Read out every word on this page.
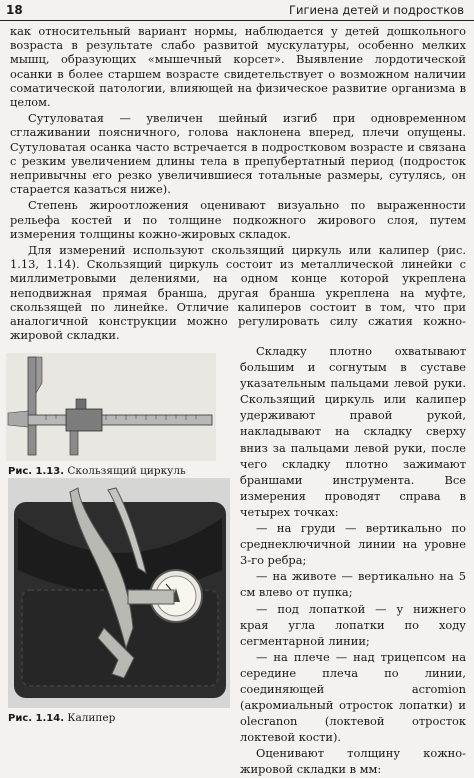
18	Гигиена детей и подростков

как относительный вариант нормы, наблюдается у детей дошкольного возраста в результате слабо развитой мускулатуры, особенно мелких мышц, образующих «мышечный корсет». Выявление лордотической осанки в более старшем возрасте свидетельствует о возможном наличии соматической патологии, влияющей на физическое развитие организма в целом.

Сутуловатая — увеличен шейный изгиб при одновременном сглаживании поясничного, голова наклонена вперед, плечи опущены. Сутуловатая осанка часто встречается в подростковом возрасте и связана с резким увеличением длины тела в препубертатный период (подросток непривычны его резко увеличившиеся тотальные размеры, сутулясь, он старается казаться ниже).

Степень жироотложения оценивают визуально по выраженности рельефа костей и по толщине подкожного жирового слоя, путем измерения толщины кожно-жировых складок.

Для измерений используют скользящий циркуль или калипер (рис. 1.13, 1.14). Скользящий циркуль состоит из металлической линейки с миллиметровыми делениями, на одном конце которой укреплена неподвижная прямая бранша, другая бранша укреплена на муфте, скользящей по линейке. Отличие калиперов состоит в том, что при аналогичной конструкции можно регулировать силу сжатия кожно-жировой складки.

Рис. 1.13. Скользящий циркуль
Рис. 1.14. Калипер

Складку плотно охватывают большим и согнутым в суставе указательным пальцами левой руки. Скользящий циркуль или калипер удерживают правой рукой, накладывают на складку сверху вниз за пальцами левой руки, после чего складку плотно зажимают браншами инструмента. Все измерения проводят справа в четырех точках:

— на груди — вертикально по среднеключичной линии на уровне 3-го ребра;

— на животе — вертикально на 5 см влево от пупка;

— под лопаткой — у нижнего края угла лопатки по ходу сегментарной линии;

— на плече — над трицепсом на середине плеча по линии, соединяющей acromion (акромиальный отросток лопатки) и olecranon (локтевой отросток локтевой кости).

Оценивают толщину кожно-жировой складки в мм:
